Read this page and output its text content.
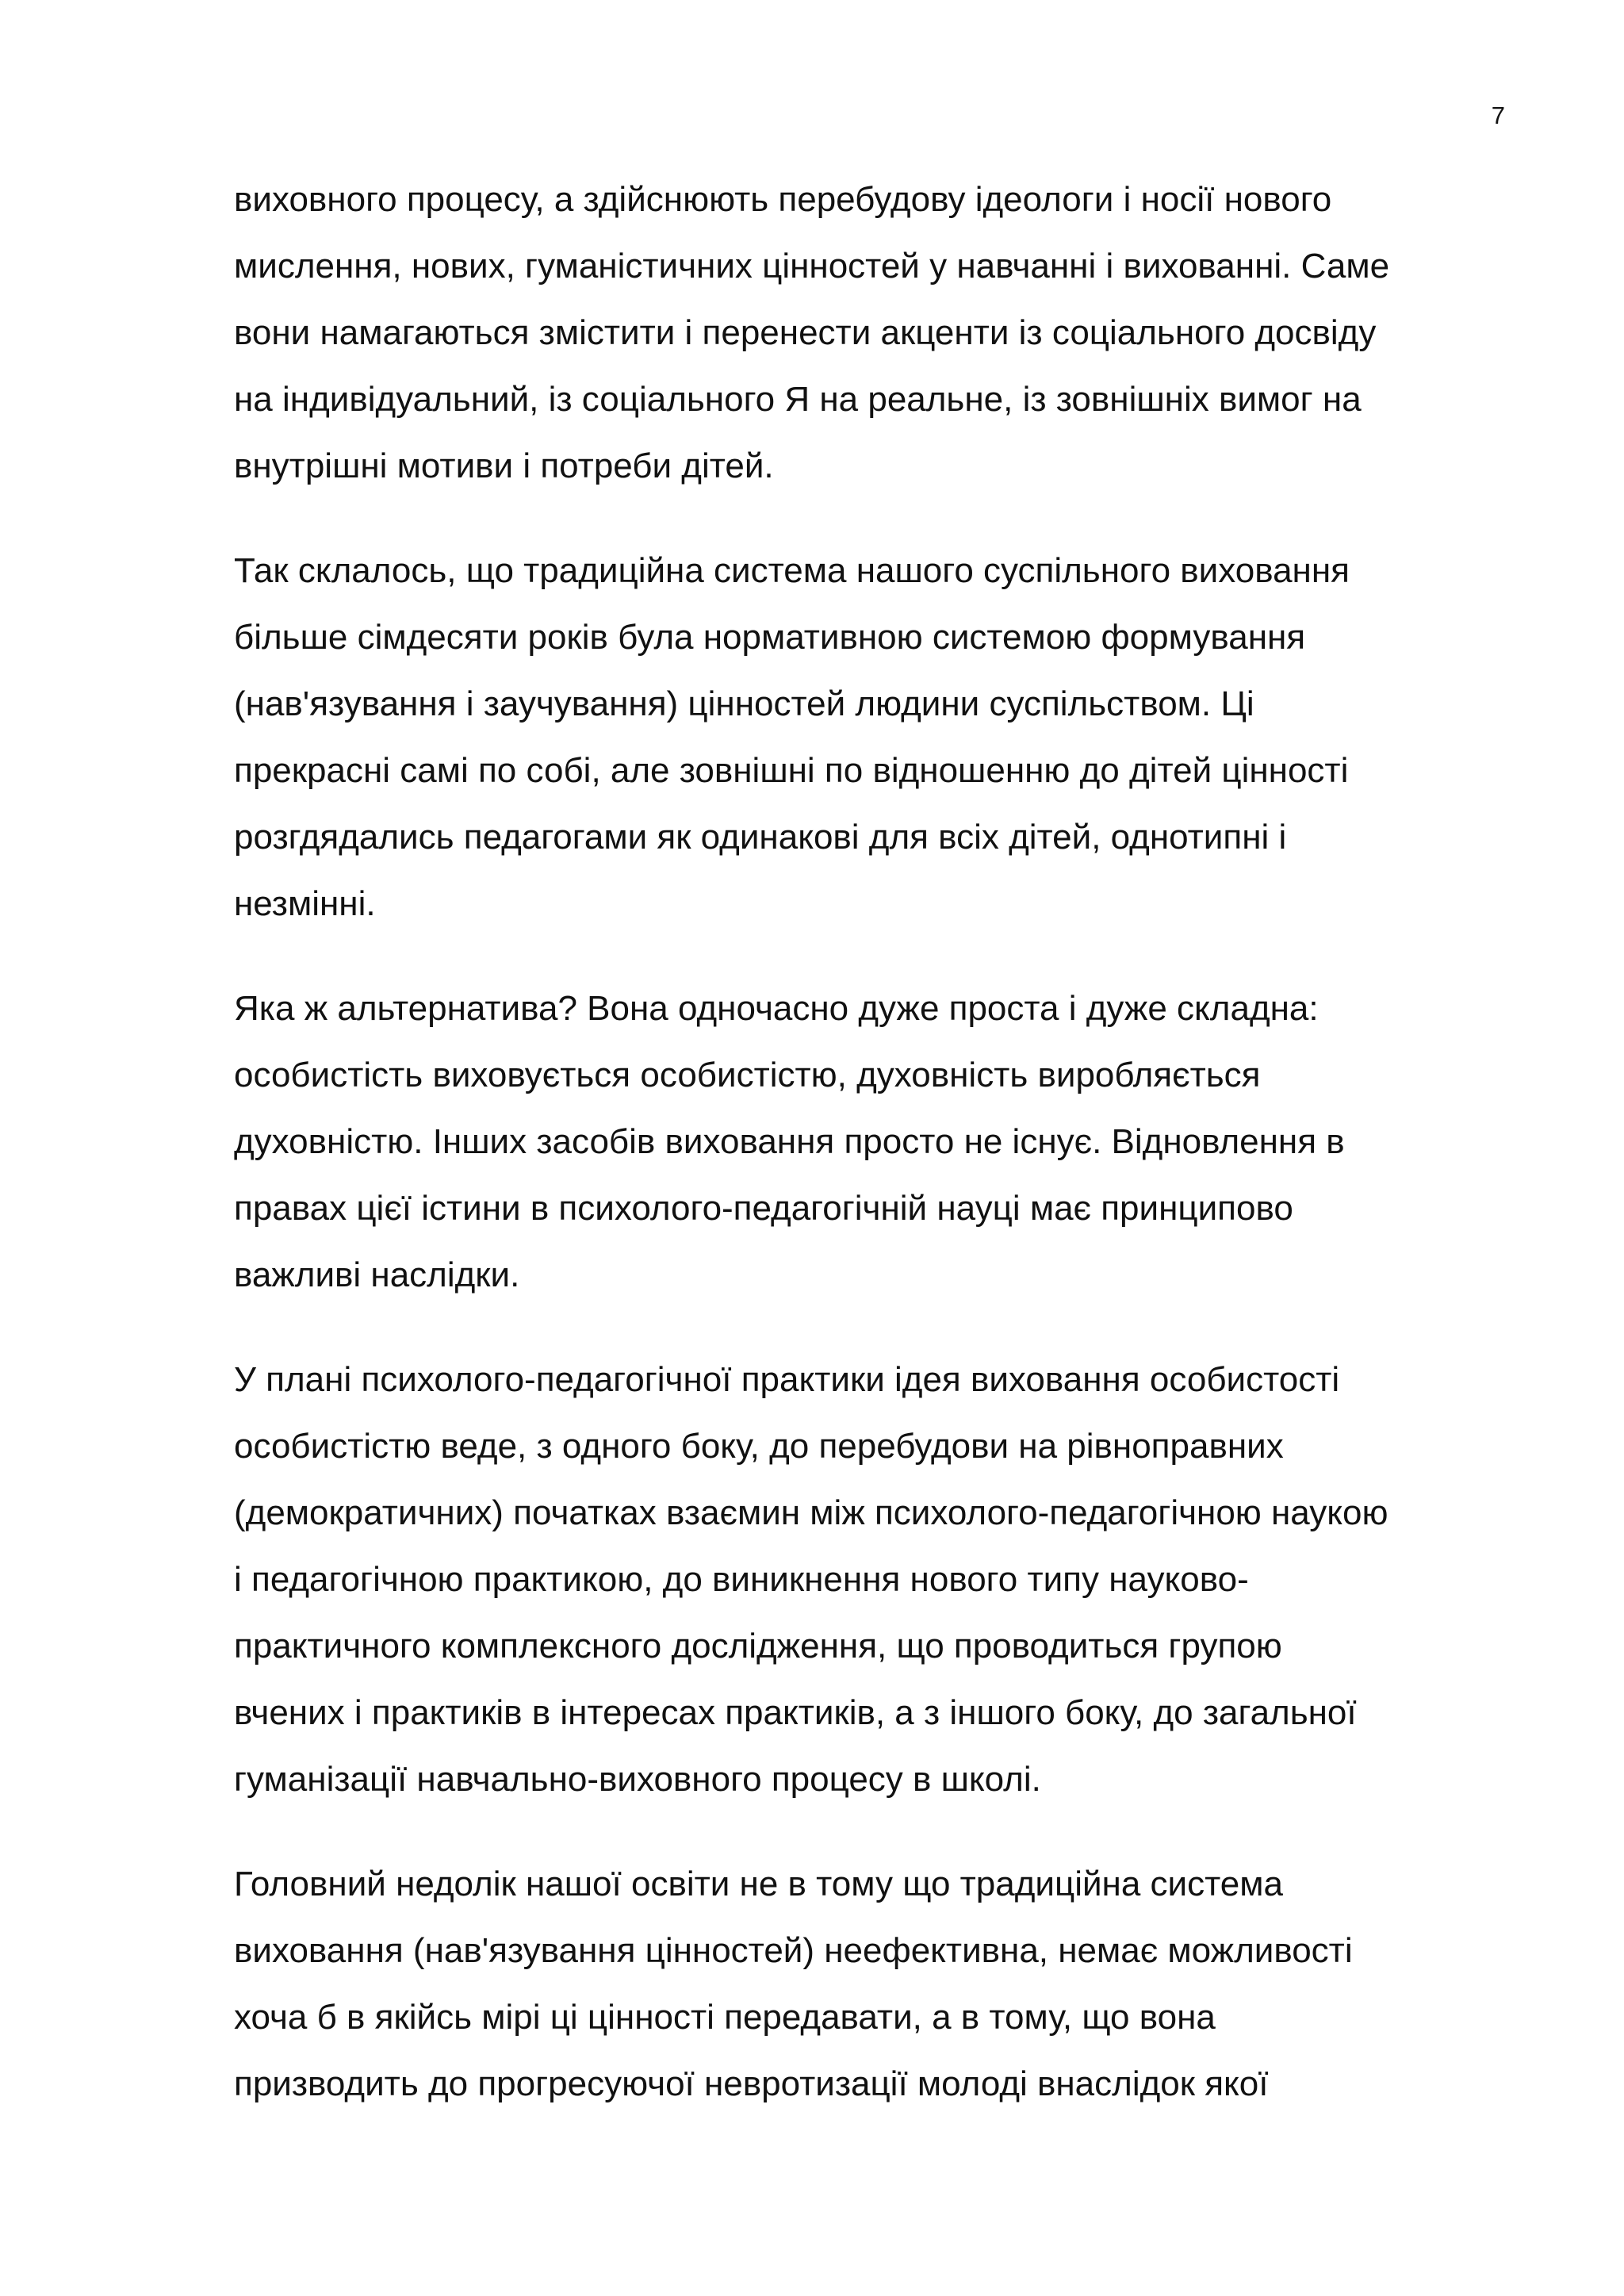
7

виховного процесу, а здійснюють перебудову ідеологи і носії нового
мислення, нових, гуманістичних цінностей у навчанні і вихованні. Саме
вони намагаються змістити і перенести акценти із соціального досвіду
на індивідуальний, із соціального Я на реальне, із зовнішніх вимог на
внутрішні мотиви і потреби дітей.

Так склалось, що традиційна система нашого суспільного виховання
більше сімдесяти років була нормативною системою формування
(нав'язування і заучування) цінностей людини суспільством. Ці
прекрасні самі по собі, але зовнішні по відношенню до дітей цінності
розгдядались педагогами як одинакові для всіх дітей, однотипні і
незмінні.

Яка ж альтернатива? Вона одночасно дуже проста і дуже складна:
особистість виховується особистістю, духовність виробляється
духовністю. Інших засобів виховання просто не існує. Відновлення в
правах цієї істини в психолого-педагогічній науці має принципово
важливі наслідки.

У плані психолого-педагогічної практики ідея виховання особистості
особистістю веде, з одного боку, до перебудови на рівноправних
(демократичних) початках взаємин між психолого-педагогічною наукою
і педагогічною практикою, до виникнення нового типу науково-
практичного комплексного дослідження, що проводиться групою
вчених і практиків в інтересах практиків, а з іншого боку, до загальної
гуманізації навчально-виховного процесу в школі.

Головний недолік нашої освіти не в тому що традиційна система
виховання (нав'язування цінностей) неефективна, немає можливості
хоча б в якійсь мірі ці цінності передавати, а в тому, що вона
призводить до прогресуючої невротизації молоді внаслідок якої
